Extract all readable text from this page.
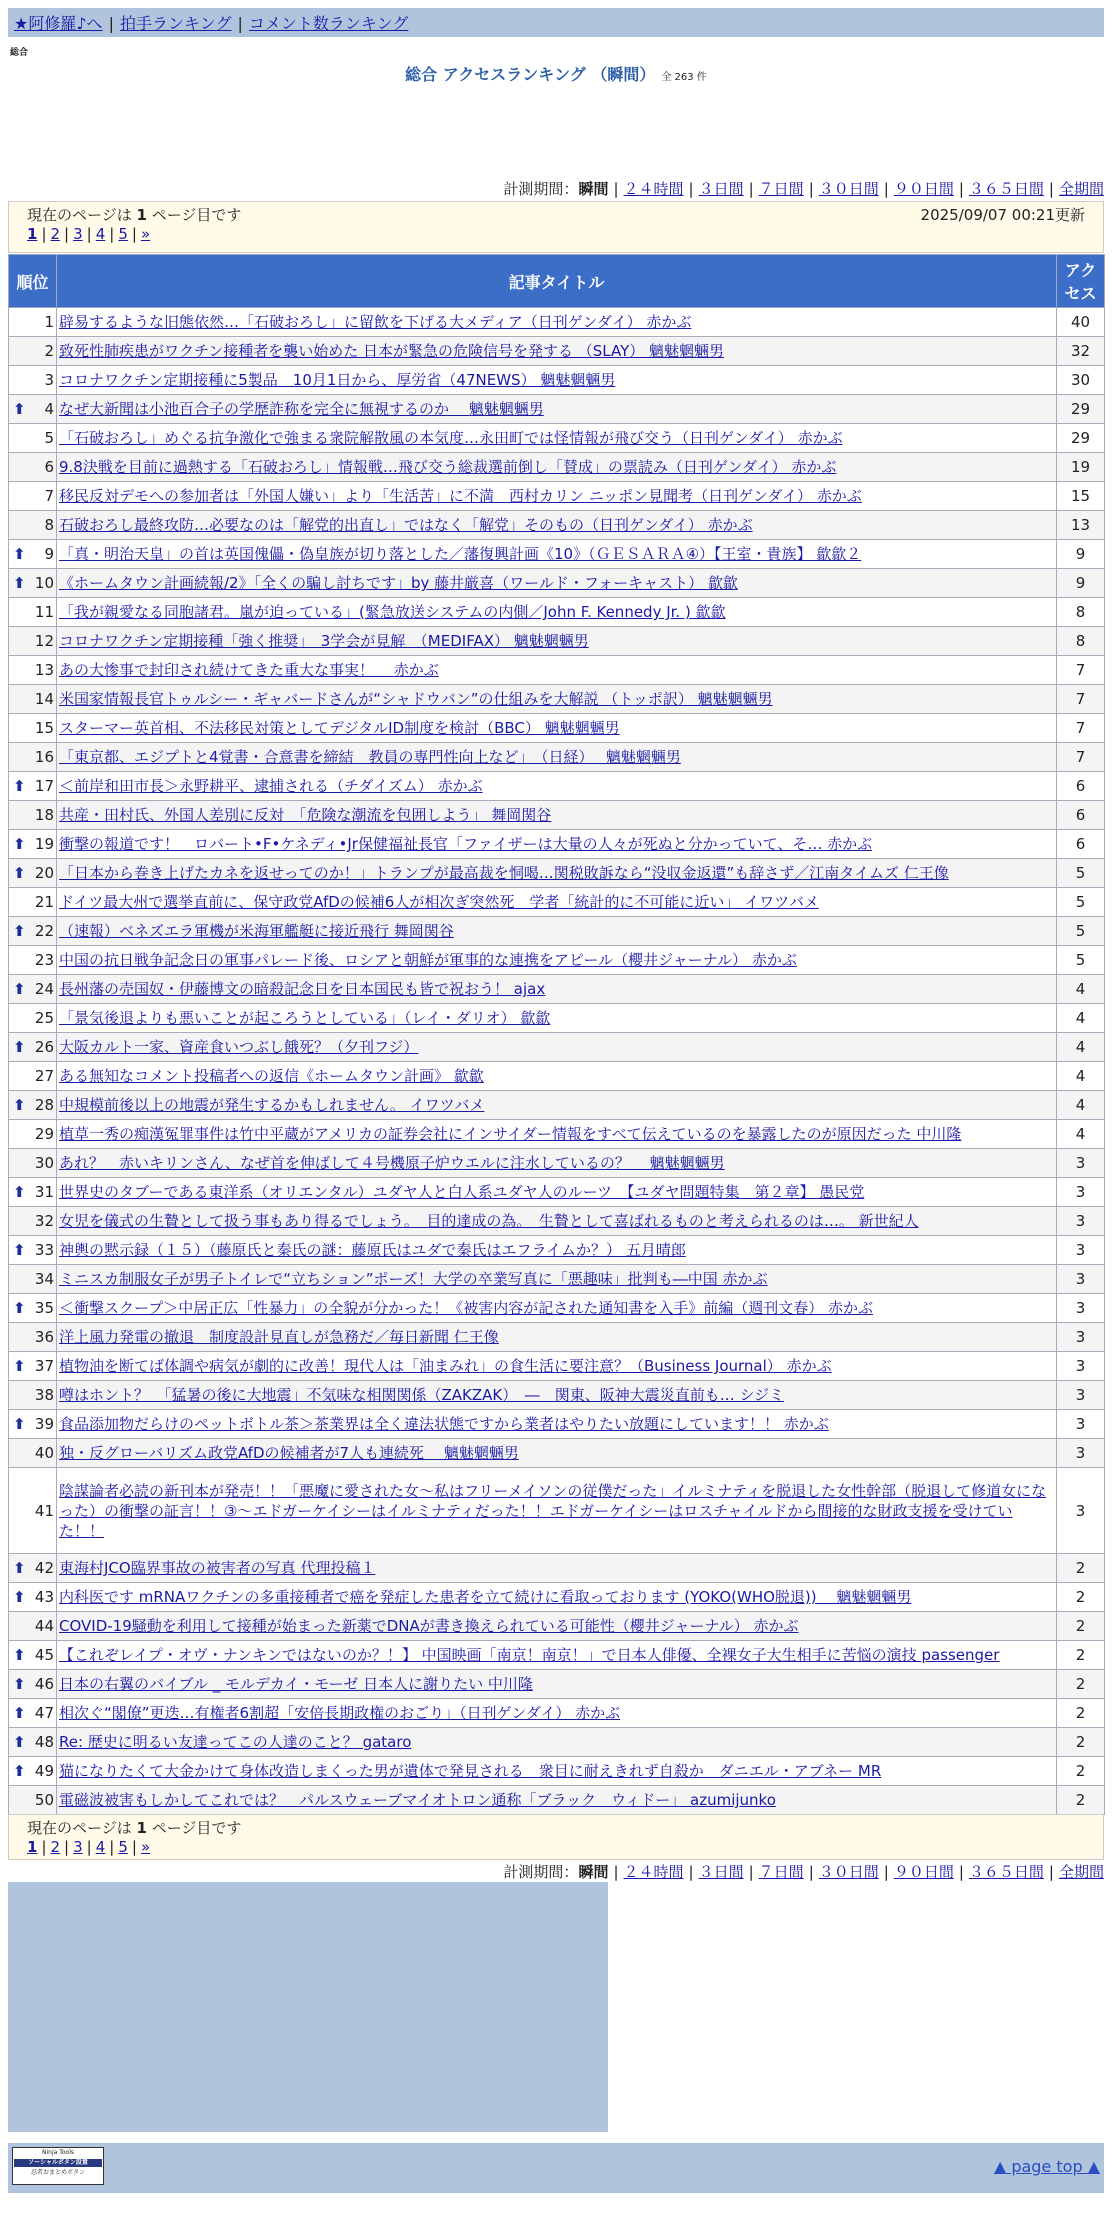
★阿修羅♪へ | 拍手ランキング | コメント数ランキング
総合
総合 アクセスランキング （瞬間） 全 263 件
計測期間：瞬間 | ２４時間 | ３日間 | ７日間 | ３０日間 | ９０日間 | ３６５日間 | 全期間
現在のページは 1 ページ目です	2025/09/07 00:21更新
1 | 2 | 3 | 4 | 5 | »
順位	記事タイトル	アクセス
1	辟易するような旧態依然…「石破おろし」に留飲を下げる大メディア（日刊ゲンダイ） 赤かぶ	40
2	致死性肺疾患がワクチン接種者を襲い始めた 日本が緊急の危険信号を発する （SLAY） 魑魅魍魎男	32
3	コロナワクチン定期接種に5製品　10月1日から、厚労省（47NEWS） 魑魅魍魎男	30

⬆ 4	なぜ大新聞は小池百合子の学歴詐称を完全に無視するのか　 魑魅魍魎男	29
5	「石破おろし」めぐる抗争激化で強まる衆院解散風の本気度…永田町では怪情報が飛び交う（日刊ゲンダイ） 赤かぶ	29
6	9.8決戦を目前に過熱する「石破おろし」情報戦…飛び交う総裁選前倒し「賛成」の票読み（日刊ゲンダイ） 赤かぶ	19
7	移民反対デモへの参加者は「外国人嫌い」より「生活苦」に不満　西村カリン ニッポン見聞考（日刊ゲンダイ） 赤かぶ	15
8	石破おろし最終攻防…必要なのは「解党的出直し」ではなく「解党」そのもの（日刊ゲンダイ） 赤かぶ	13

⬆ 9	「真・明治天皇」の首は英国傀儡・偽皇族が切り落とした／藩復興計画《10》（ＧＥＳＡＲＡ④）【王室・貴族】 歙歙２	9

⬆ 10	《ホームタウン計画続報/2》「全くの騙し討ちです」by 藤井厳喜（ワールド・フォーキャスト） 歙歙	9
11	「我が親愛なる同胞諸君。嵐が迫っている」(緊急放送システムの内側／John F. Kennedy Jr. ) 歙歙	8
12	コロナワクチン定期接種「強く推奨」　3学会が見解　（MEDIFAX） 魑魅魍魎男	8
13	あの大惨事で封印され続けてきた重大な事実！　 赤かぶ	7
14	米国家情報長官トゥルシー・ギャバードさんが“シャドウバン”の仕組みを大解説 （トッポ訳） 魑魅魍魎男	7
15	スターマー英首相、不法移民対策としてデジタルID制度を検討（BBC） 魑魅魍魎男	7
16	「東京都、エジプトと4覚書・合意書を締結　教員の専門性向上など」　（日経）　 魑魅魍魎男	7

⬆ 17	＜前岸和田市長＞永野耕平、逮捕される（チダイズム） 赤かぶ	6
18	共産・田村氏、外国人差別に反対　「危険な潮流を包囲しよう」 舞岡関谷	6

⬆ 19	衝撃の報道です！　ロバート•F•ケネディ•Jr保健福祉長官「ファイザーは大量の人々が死ぬと分かっていて、そ… 赤かぶ	6

⬆ 20	「日本から巻き上げたカネを返せってのか！」トランプが最高裁を恫喝…関税敗訴なら“没収金返還”も辞さず／江南タイムズ 仁王像	5
21	ドイツ最大州で選挙直前に、保守政党AfDの候補6人が相次ぎ突然死　学者「統計的に不可能に近い」 イワツバメ	5

⬆ 22	（速報）ベネズエラ軍機が米海軍艦艇に接近飛行 舞岡関谷	5
23	中国の抗日戦争記念日の軍事パレード後、ロシアと朝鮮が軍事的な連携をアピール（櫻井ジャーナル） 赤かぶ	5

⬆ 24	長州藩の売国奴・伊藤博文の暗殺記念日を日本国民も皆で祝おう！ ajax	4
25	「景気後退よりも悪いことが起ころうとしている」（レイ・ダリオ） 歙歙	4

⬆ 26	大阪カルト一家、資産食いつぶし餓死？（夕刊フジ）	4
27	ある無知なコメント投稿者への返信《ホームタウン計画》 歙歙	4

⬆ 28	中規模前後以上の地震が発生するかもしれません。 イワツバメ	4
29	植草一秀の痴漢冤罪事件は竹中平蔵がアメリカの証券会社にインサイダー情報をすべて伝えているのを暴露したのが原因だった 中川隆	4
30	あれ？　赤いキリンさん、なぜ首を伸ばして４号機原子炉ウエルに注水しているの？　 魑魅魍魎男	3

⬆ 31	世界史のタブーである東洋系（オリエンタル）ユダヤ人と白人系ユダヤ人のルーツ　【ユダヤ問題特集　第２章】 愚民党	3
32	女児を儀式の生贄として扱う事もあり得るでしょう。　目的達成の為。　生贄として喜ばれるものと考えられるのは…。 新世紀人	3

⬆ 33	神輿の黙示録（１５）（藤原氏と秦氏の謎：藤原氏はユダで秦氏はエフライムか？） 五月晴郎	3
34	ミニスカ制服女子が男子トイレで“立ちション”ポーズ！大学の卒業写真に「悪趣味」批判も―中国 赤かぶ	3

⬆ 35	＜衝撃スクープ＞中居正広「性暴力」の全貌が分かった！《被害内容が記された通知書を入手》前編（週刊文春） 赤かぶ	3
36	洋上風力発電の撤退　制度設計見直しが急務だ／毎日新聞 仁王像	3

⬆ 37	植物油を断てば体調や病気が劇的に改善！現代人は「油まみれ」の食生活に要注意？（Business Journal） 赤かぶ	3
38	噂はホント？　「猛暑の後に大地震」不気味な相関関係（ZAKZAK）　―　関東、阪神大震災直前も… シジミ	3

⬆ 39	食品添加物だらけのペットボトル茶＞茶業界は全く違法状態ですから業者はやりたい放題にしています！！ 赤かぶ	3
40	独・反グローバリズム政党AfDの候補者が7人も連続死　 魑魅魍魎男	3
41	陰謀論者必読の新刊本が発売！！「悪魔に愛された女～私はフリーメイソンの従僕だった」イルミナティを脱退した女性幹部（脱退して修道女になった）の衝撃の証言！！③～エドガーケイシーはイルミナティだった！！エドガーケイシーはロスチャイルドから間接的な財政支援を受けていた！！	3

⬆ 42	東海村JCO臨界事故の被害者の写真 代理投稿１	2

⬆ 43	内科医です mRNAワクチンの多重接種者で癌を発症した患者を立て続けに看取っております (YOKO(WHO脱退))　 魑魅魍魎男	2
44	COVID-19騒動を利用して接種が始まった新薬でDNAが書き換えられている可能性（櫻井ジャーナル） 赤かぶ	2

⬆ 45	【これぞレイプ・オヴ・ナンキンではないのか？！】 中国映画「南京！南京！」で日本人俳優、全裸女子大生相手に苦悩の演技 passenger	2

⬆ 46	日本の右翼のバイブル _ モルデカイ・モーゼ 日本人に謝りたい 中川隆	2

⬆ 47	相次ぐ“閣僚”更迭…有権者6割超「安倍長期政権のおごり」（日刊ゲンダイ） 赤かぶ	2

⬆ 48	Re: 歴史に明るい友達ってこの人達のこと？ gataro	2

⬆ 49	猫になりたくて大金かけて身体改造しまくった男が遺体で発見される　衆目に耐えきれず自殺か　ダニエル・アブネー MR	2
50	電磁波被害もしかしてこれでは？　パルスウェーブマイオトロン通称「ブラック　ウィドー」 azumijunko	2
現在のページは 1 ページ目です
1 | 2 | 3 | 4 | 5 | »
計測期間：瞬間 | ２４時間 | ３日間 | ７日間 | ３０日間 | ９０日間 | ３６５日間 | 全期間
Ninja Tools
ソーシャルボタン設置
忍者おまとめボタン	▲ page top ▲
